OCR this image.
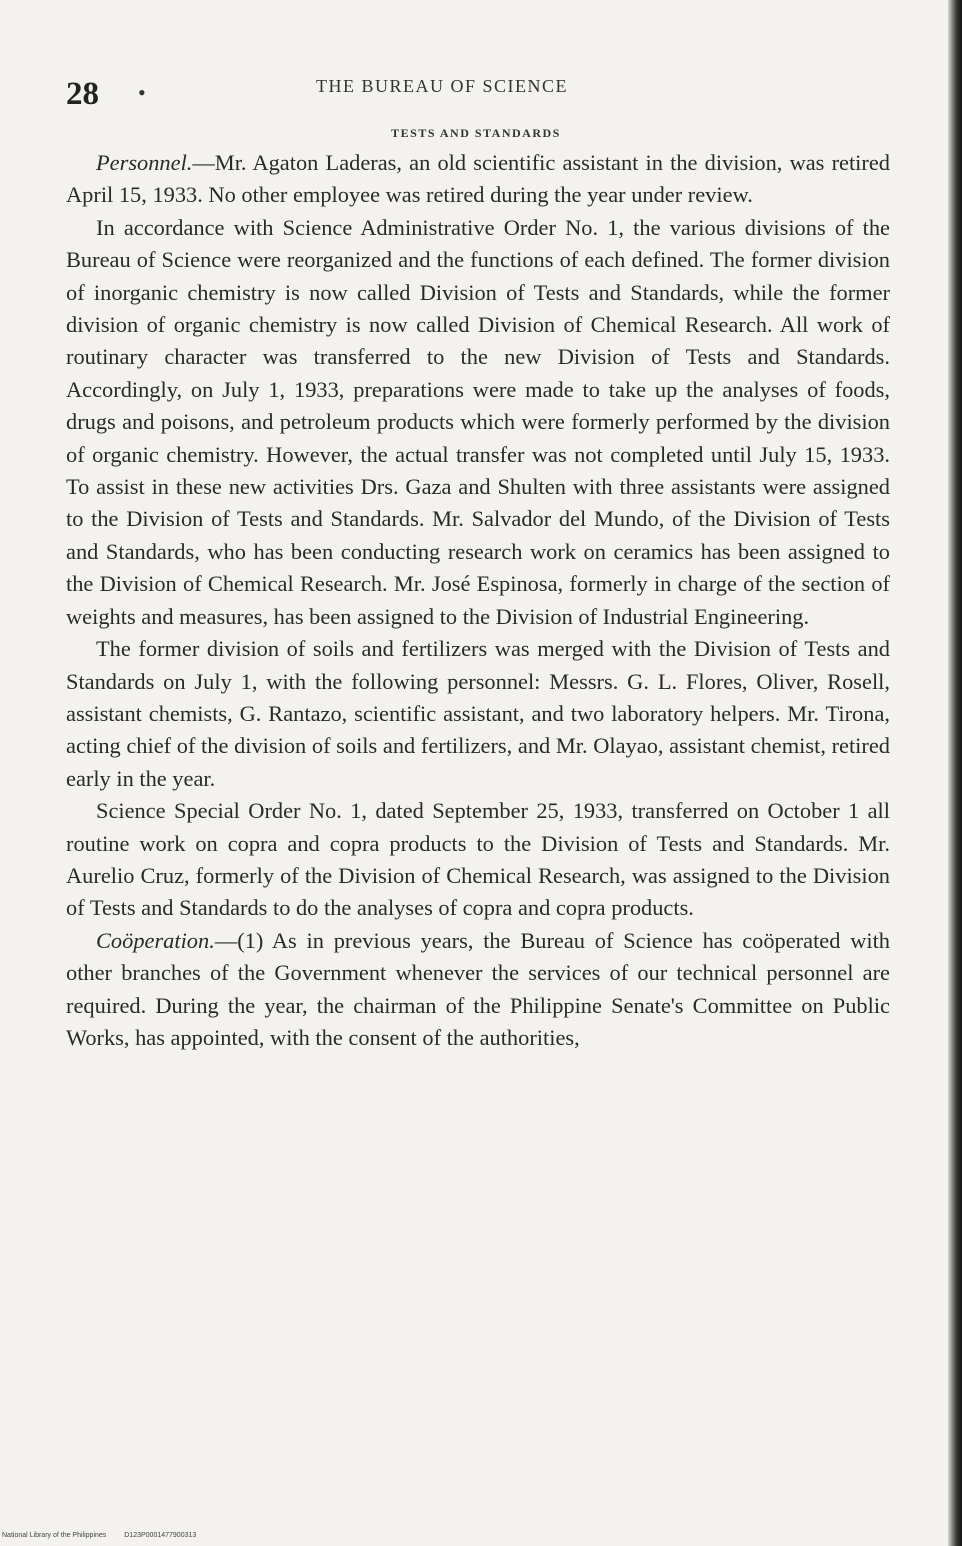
28 •	THE BUREAU OF SCIENCE
TESTS AND STANDARDS

Personnel.—Mr. Agaton Laderas, an old scientific assistant in the division, was retired April 15, 1933. No other employee was retired during the year under review.

In accordance with Science Administrative Order No. 1, the various divisions of the Bureau of Science were reorganized and the functions of each defined. The former division of inorganic chemistry is now called Division of Tests and Standards, while the former division of organic chemistry is now called Division of Chemical Research. All work of routinary character was transferred to the new Division of Tests and Standards. Accordingly, on July 1, 1933, preparations were made to take up the analyses of foods, drugs and poisons, and petroleum products which were formerly performed by the division of organic chemistry. However, the actual transfer was not completed until July 15, 1933. To assist in these new activities Drs. Gaza and Shulten with three assistants were assigned to the Division of Tests and Standards. Mr. Salvador del Mundo, of the Division of Tests and Standards, who has been conducting research work on ceramics has been assigned to the Division of Chemical Research. Mr. José Espinosa, formerly in charge of the section of weights and measures, has been assigned to the Division of Industrial Engineering.

The former division of soils and fertilizers was merged with the Division of Tests and Standards on July 1, with the following personnel: Messrs. G. L. Flores, Oliver, Rosell, assistant chemists, G. Rantazo, scientific assistant, and two laboratory helpers. Mr. Tirona, acting chief of the division of soils and fertilizers, and Mr. Olayao, assistant chemist, retired early in the year.

Science Special Order No. 1, dated September 25, 1933, transferred on October 1 all routine work on copra and copra products to the Division of Tests and Standards. Mr. Aurelio Cruz, formerly of the Division of Chemical Research, was assigned to the Division of Tests and Standards to do the analyses of copra and copra products.

Coöperation.—(1) As in previous years, the Bureau of Science has coöperated with other branches of the Government whenever the services of our technical personnel are required. During the year, the chairman of the Philippine Senate's Committee on Public Works, has appointed, with the consent of the authorities,

National Library of the Philippines	D123P0001477900313
